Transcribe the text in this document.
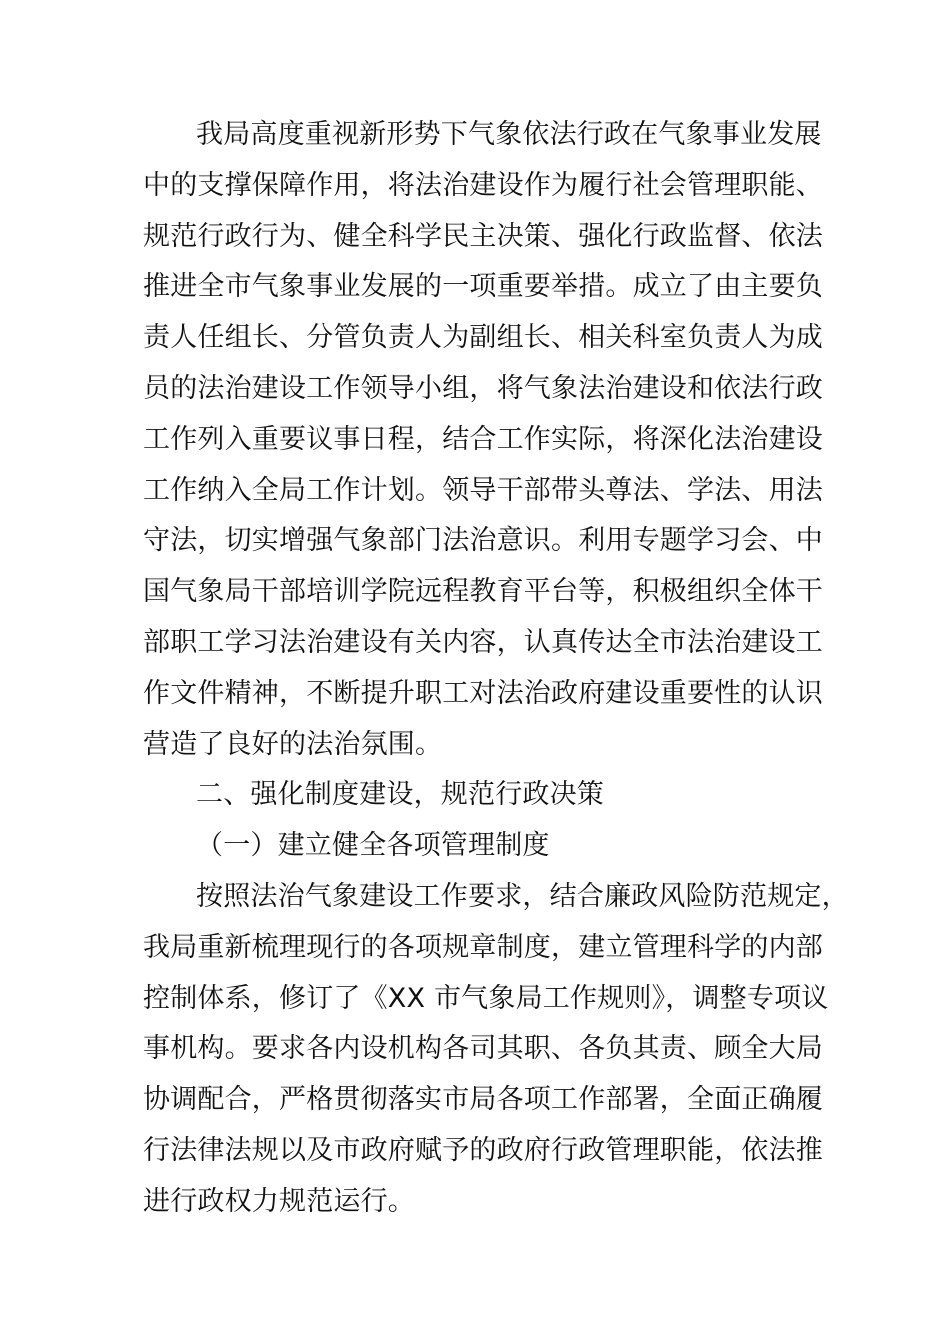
我局高度重视新形势下气象依法行政在气象事业发展
中的支撑保障作用，将法治建设作为履行社会管理职能、
规范行政行为、健全科学民主决策、强化行政监督、依法
推进全市气象事业发展的一项重要举措。成立了由主要负
责人任组长、分管负责人为副组长、相关科室负责人为成
员的法治建设工作领导小组，将气象法治建设和依法行政
工作列入重要议事日程，结合工作实际，将深化法治建设
工作纳入全局工作计划。领导干部带头尊法、学法、用法
守法，切实增强气象部门法治意识。利用专题学习会、中
国气象局干部培训学院远程教育平台等，积极组织全体干
部职工学习法治建设有关内容，认真传达全市法治建设工
作文件精神，不断提升职工对法治政府建设重要性的认识
营造了良好的法治氛围。
二、强化制度建设，规范行政决策
（一）建立健全各项管理制度
按照法治气象建设工作要求，结合廉政风险防范规定，
我局重新梳理现行的各项规章制度，建立管理科学的内部
控制体系，修订了《XX 市气象局工作规则》，调整专项议
事机构。要求各内设机构各司其职、各负其责、顾全大局
协调配合，严格贯彻落实市局各项工作部署，全面正确履
行法律法规以及市政府赋予的政府行政管理职能，依法推
进行政权力规范运行。
